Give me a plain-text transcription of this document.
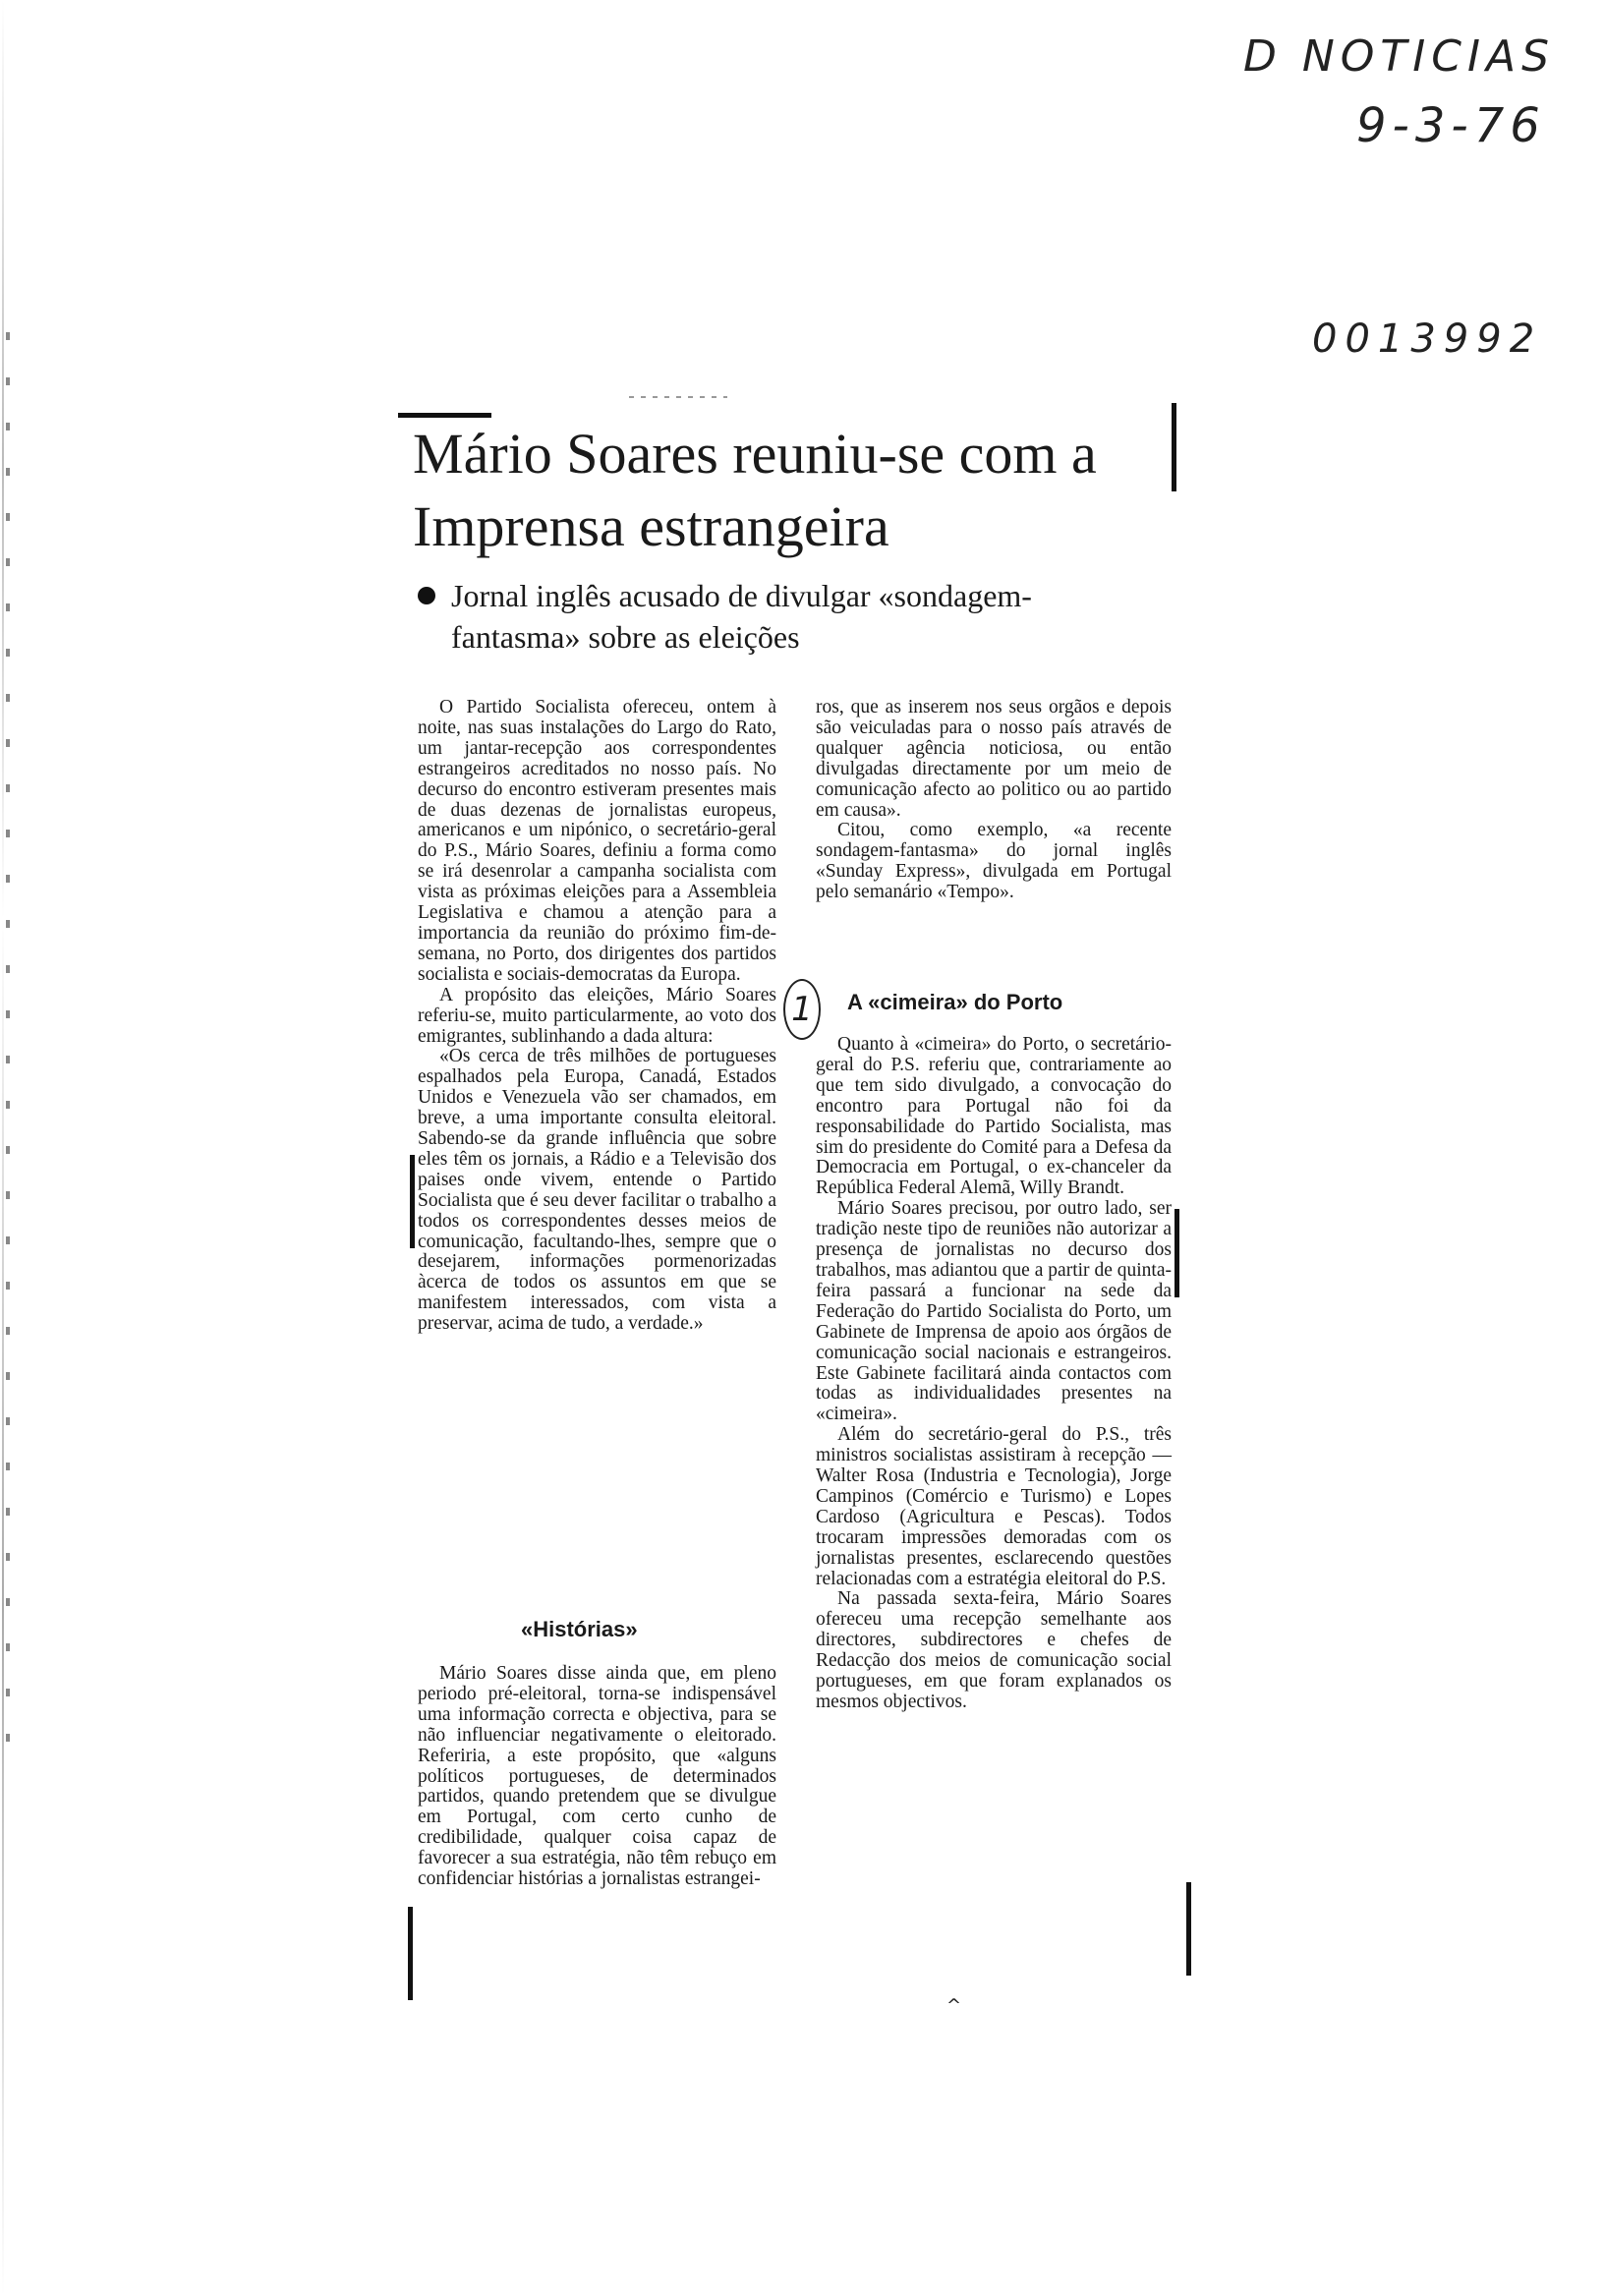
D NOTICIAS
9-3-76
0013992
Mário Soares reuniu-se com a Imprensa estrangeira
Jornal inglês acusado de divulgar «sondagem-fantasma» sobre as eleições

O Partido Socialista ofereceu, ontem à noite, nas suas instalações do Largo do Rato, um jantar-recepção aos correspondentes estrangeiros acreditados no nosso país. No decurso do encontro estiveram presentes mais de duas dezenas de jornalistas europeus, americanos e um nipónico, o secretário-geral do P.S., Mário Soares, definiu a forma como se irá desenrolar a campanha socialista com vista as próximas eleições para a Assembleia Legislativa e chamou a atenção para a importancia da reunião do próximo fim-de-semana, no Porto, dos dirigentes dos partidos socialista e sociais-democratas da Europa.

A propósito das eleições, Mário Soares referiu-se, muito particularmente, ao voto dos emigrantes, sublinhando a dada altura:

«Os cerca de três milhões de portugueses espalhados pela Europa, Canadá, Estados Unidos e Venezuela vão ser chamados, em breve, a uma importante consulta eleitoral. Sabendo-se da grande influência que sobre eles têm os jornais, a Rádio e a Televisão dos paises onde vivem, entende o Partido Socialista que é seu dever facilitar o trabalho a todos os correspondentes desses meios de comunicação, facultando-lhes, sempre que o desejarem, informações pormenorizadas àcerca de todos os assuntos em que se manifestem interessados, com vista a preservar, acima de tudo, a verdade.»

«Histórias»

Mário Soares disse ainda que, em pleno periodo pré-eleitoral, torna-se indispensável uma informação correcta e objectiva, para se não influenciar negativamente o eleitorado. Referiria, a este propósito, que «alguns políticos portugueses, de determinados partidos, quando pretendem que se divulgue em Portugal, com certo cunho de credibilidade, qualquer coisa capaz de favorecer a sua estratégia, não têm rebuço em confidenciar histórias a jornalistas estrangei-

ros, que as inserem nos seus orgãos e depois são veiculadas para o nosso país através de qualquer agência noticiosa, ou então divulgadas directamente por um meio de comunicação afecto ao politico ou ao partido em causa».

Citou, como exemplo, «a recente sondagem-fantasma» do jornal inglês «Sunday Express», divulgada em Portugal pelo semanário «Tempo».

1	A «cimeira» do Porto

Quanto à «cimeira» do Porto, o secretário-geral do P.S. referiu que, contrariamente ao que tem sido divulgado, a convocação do encontro para Portugal não foi da responsabilidade do Partido Socialista, mas sim do presidente do Comité para a Defesa da Democracia em Portugal, o ex-chanceler da República Federal Alemã, Willy Brandt.

Mário Soares precisou, por outro lado, ser tradição neste tipo de reuniões não autorizar a presença de jornalistas no decurso dos trabalhos, mas adiantou que a partir de quinta-feira passará a funcionar na sede da Federação do Partido Socialista do Porto, um Gabinete de Imprensa de apoio aos órgãos de comunicação social nacionais e estrangeiros. Este Gabinete facilitará ainda contactos com todas as individualidades presentes na «cimeira».

Além do secretário-geral do P.S., três ministros socialistas assistiram à recepção — Walter Rosa (Industria e Tecnologia), Jorge Campinos (Comércio e Turismo) e Lopes Cardoso (Agricultura e Pescas). Todos trocaram impressões demoradas com os jornalistas presentes, esclarecendo questões relacionadas com a estratégia eleitoral do P.S.

Na passada sexta-feira, Mário Soares ofereceu uma recepção semelhante aos directores, subdirectores e chefes de Redacção dos meios de comunicação social portugueses, em que foram explanados os mesmos objectivos.

^
